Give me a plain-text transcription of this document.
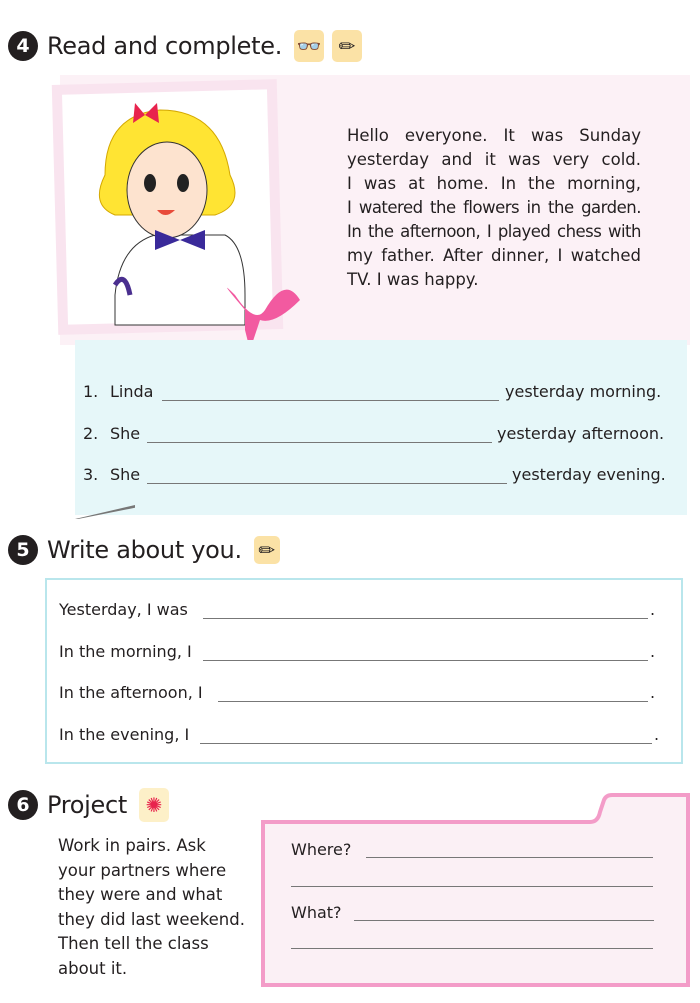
4 Read and complete. 👓 ✏
Hello everyone. It was Sunday
yesterday and it was very cold.
I was at home. In the morning,
I watered the flowers in the garden.
In the afternoon, I played chess with
my father. After dinner, I watched
TV. I was happy.
1. Linda	yesterday morning.
2. She	yesterday afternoon.
3. She	yesterday evening.
5 Write about you. ✏
Yesterday, I was	.
In the morning, I	.
In the afternoon, I	.
In the evening, I	.
6 Project ✺
Work in pairs. Ask
your partners where
they were and what
they did last weekend.
Then tell the class
about it.
Where?
What?
